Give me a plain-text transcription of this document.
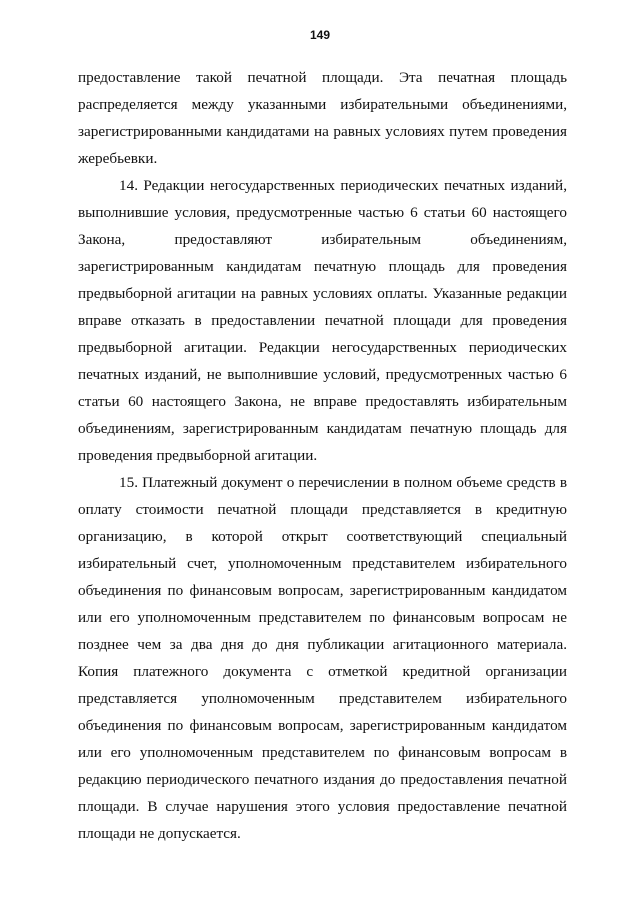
149
предоставление такой печатной площади. Эта печатная площадь
распределяется между указанными избирательными объединениями,
зарегистрированными кандидатами на равных условиях путем проведения
жеребьевки.
14. Редакции негосударственных периодических печатных изданий,
выполнившие условия, предусмотренные частью 6 статьи 60 настоящего
Закона, предоставляют избирательным объединениям,
зарегистрированным кандидатам печатную площадь для проведения
предвыборной агитации на равных условиях оплаты. Указанные редакции
вправе отказать в предоставлении печатной площади для проведения
предвыборной агитации. Редакции негосударственных периодических
печатных изданий, не выполнившие условий, предусмотренных частью 6
статьи 60 настоящего Закона, не вправе предоставлять избирательным
объединениям, зарегистрированным кандидатам печатную площадь для
проведения предвыборной агитации.
15. Платежный документ о перечислении в полном объеме средств в
оплату стоимости печатной площади представляется в кредитную
организацию, в которой открыт соответствующий специальный
избирательный счет, уполномоченным представителем избирательного
объединения по финансовым вопросам, зарегистрированным кандидатом
или его уполномоченным представителем по финансовым вопросам не
позднее чем за два дня до дня публикации агитационного материала.
Копия платежного документа с отметкой кредитной организации
представляется уполномоченным представителем избирательного
объединения по финансовым вопросам, зарегистрированным кандидатом
или его уполномоченным представителем по финансовым вопросам в
редакцию периодического печатного издания до предоставления печатной
площади. В случае нарушения этого условия предоставление печатной
площади не допускается.
